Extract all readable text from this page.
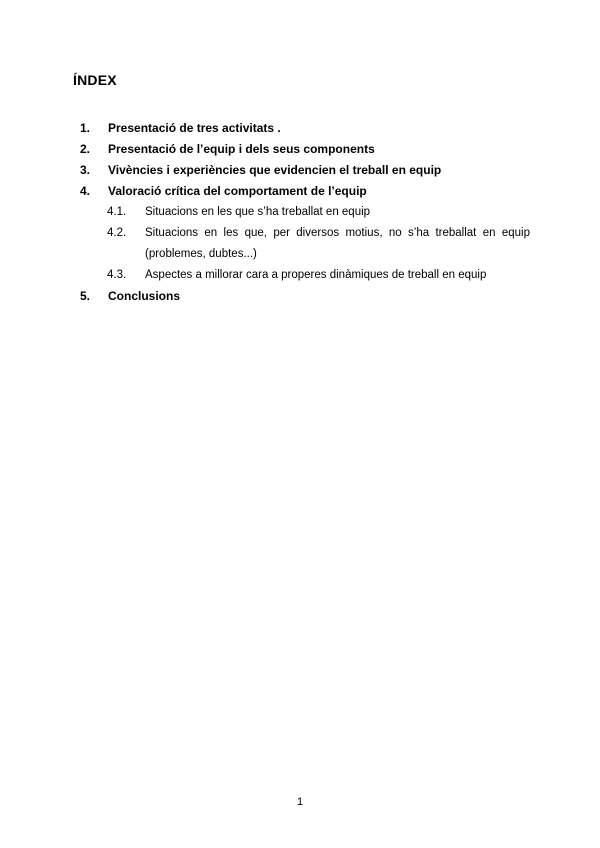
ÍNDEX
1.	Presentació de tres activitats .
2.	Presentació de l’equip i dels seus components
3.	Vivències i experiències que evidencien el treball en equip
4.	Valoració crítica del comportament de l’equip
4.1.	Situacions en les que s’ha treballat en equip
4.2.	Situacions en les que, per diversos motius, no s’ha treballat en equip (problemes, dubtes...)
4.3.	Aspectes a millorar cara a properes dinàmiques de treball en equip
5.	Conclusions
1
